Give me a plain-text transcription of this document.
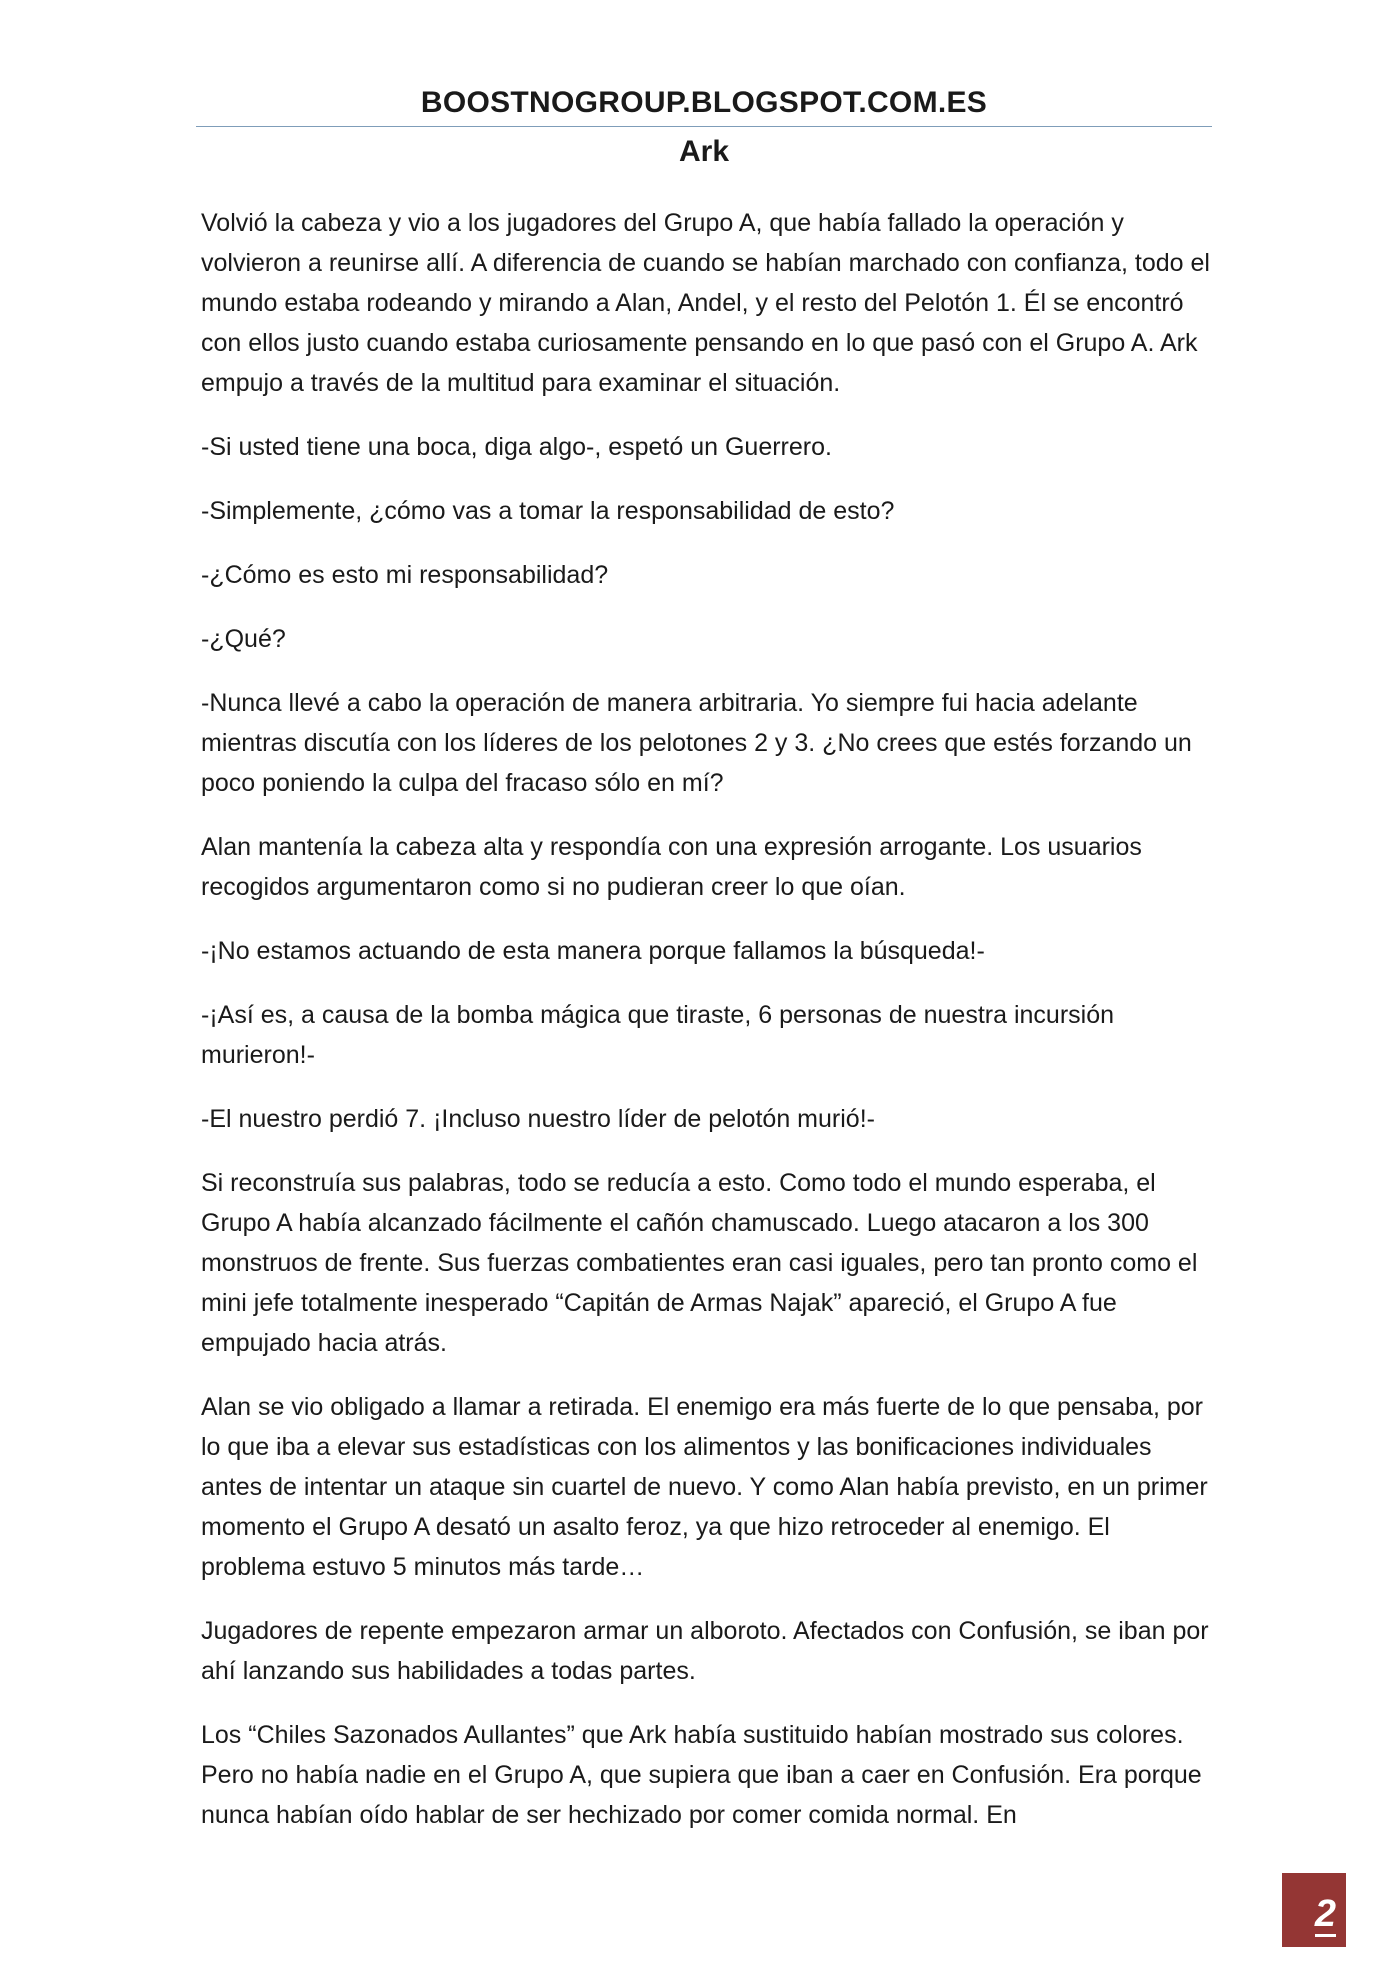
BOOSTNOGROUP.BLOGSPOT.COM.ES
Ark

Volvió la cabeza y vio a los jugadores del Grupo A, que había fallado la operación y volvieron a reunirse allí. A diferencia de cuando se habían marchado con confianza, todo el mundo estaba rodeando y mirando a Alan, Andel, y el resto del Pelotón 1. Él se encontró con ellos justo cuando estaba curiosamente pensando en lo que pasó con el Grupo A. Ark empujo a través de la multitud para examinar el situación.

-Si usted tiene una boca, diga algo-, espetó un Guerrero.

-Simplemente, ¿cómo vas a tomar la responsabilidad de esto?

-¿Cómo es esto mi responsabilidad?

-¿Qué?

-Nunca llevé a cabo la operación de manera arbitraria. Yo siempre fui hacia adelante mientras discutía con los líderes de los pelotones 2 y 3. ¿No crees que estés forzando un poco poniendo la culpa del fracaso sólo en mí?

Alan mantenía la cabeza alta y respondía con una expresión arrogante. Los usuarios recogidos argumentaron como si no pudieran creer lo que oían.

-¡No estamos actuando de esta manera porque fallamos la búsqueda!-

-¡Así es, a causa de la bomba mágica que tiraste, 6 personas de nuestra incursión murieron!-

-El nuestro perdió 7. ¡Incluso nuestro líder de pelotón murió!-

Si reconstruía sus palabras, todo se reducía a esto. Como todo el mundo esperaba, el Grupo A había alcanzado fácilmente el cañón chamuscado. Luego atacaron a los 300 monstruos de frente. Sus fuerzas combatientes eran casi iguales, pero tan pronto como el mini jefe totalmente inesperado “Capitán de Armas Najak” apareció, el Grupo A fue empujado hacia atrás.

Alan se vio obligado a llamar a retirada. El enemigo era más fuerte de lo que pensaba, por lo que iba a elevar sus estadísticas con los alimentos y las bonificaciones individuales antes de intentar un ataque sin cuartel de nuevo. Y como Alan había previsto, en un primer momento el Grupo A desató un asalto feroz, ya que hizo retroceder al enemigo. El problema estuvo 5 minutos más tarde…

Jugadores de repente empezaron armar un alboroto. Afectados con Confusión, se iban por ahí lanzando sus habilidades a todas partes.

Los “Chiles Sazonados Aullantes” que Ark había sustituido habían mostrado sus colores. Pero no había nadie en el Grupo A, que supiera que iban a caer en Confusión. Era porque nunca habían oído hablar de ser hechizado por comer comida normal. En

2
